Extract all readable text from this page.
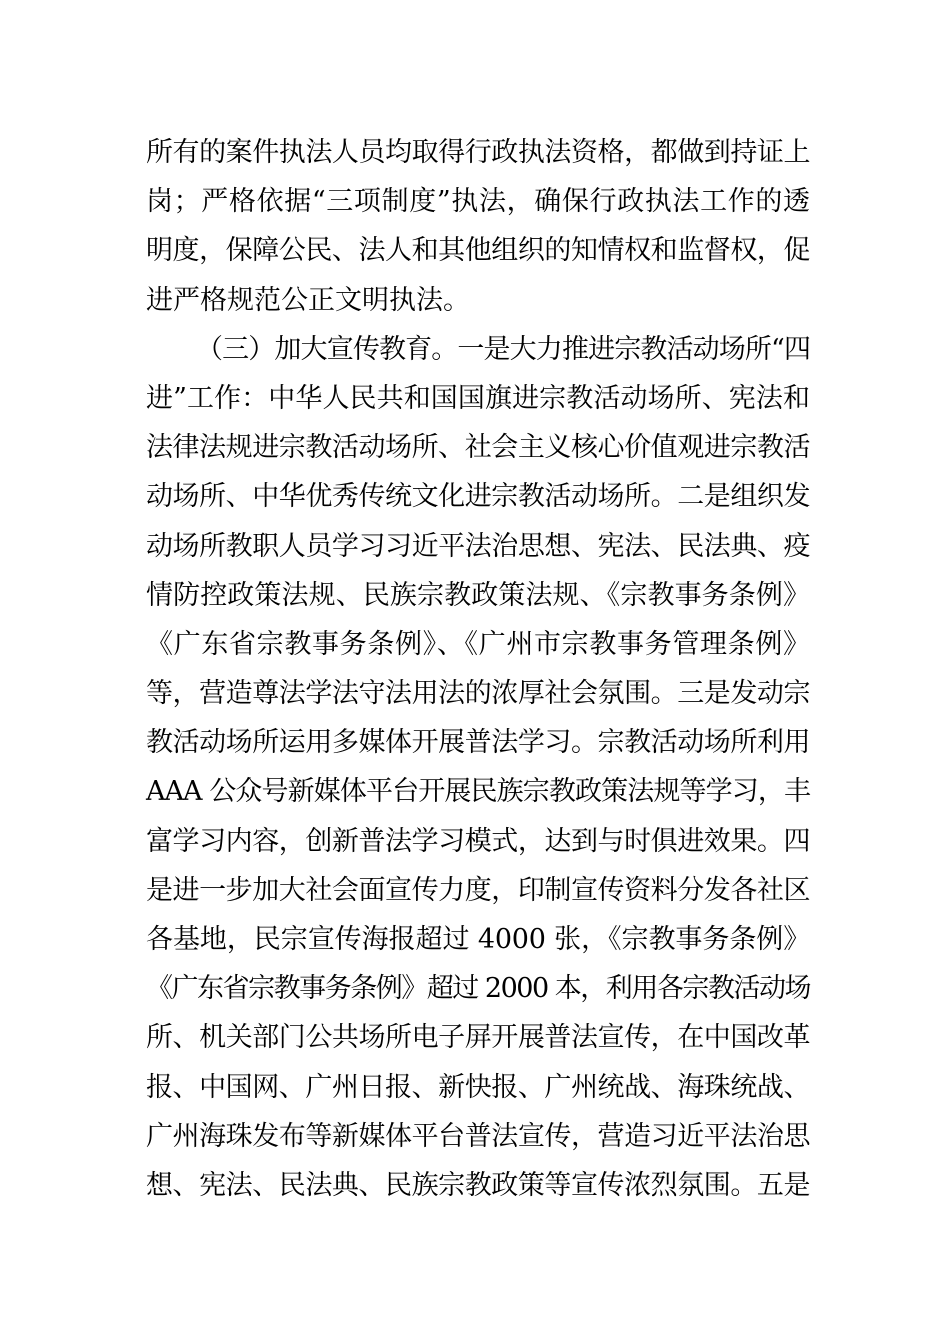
所有的案件执法人员均取得行政执法资格，都做到持证上
岗；严格依据“三项制度”执法，确保行政执法工作的透
明度，保障公民、法人和其他组织的知情权和监督权，促
进严格规范公正文明执法。
（三）加大宣传教育。一是大力推进宗教活动场所“四
进”工作：中华人民共和国国旗进宗教活动场所、宪法和
法律法规进宗教活动场所、社会主义核心价值观进宗教活
动场所、中华优秀传统文化进宗教活动场所。二是组织发
动场所教职人员学习习近平法治思想、宪法、民法典、疫
情防控政策法规、民族宗教政策法规、《宗教事务条例》
《广东省宗教事务条例》、《广州市宗教事务管理条例》
等，营造尊法学法守法用法的浓厚社会氛围。三是发动宗
教活动场所运用多媒体开展普法学习。宗教活动场所利用
AAA 公众号新媒体平台开展民族宗教政策法规等学习，丰
富学习内容，创新普法学习模式，达到与时俱进效果。四
是进一步加大社会面宣传力度，印制宣传资料分发各社区
各基地，民宗宣传海报超过 4000 张，《宗教事务条例》
《广东省宗教事务条例》超过 2000 本，利用各宗教活动场
所、机关部门公共场所电子屏开展普法宣传，在中国改革
报、中国网、广州日报、新快报、广州统战、海珠统战、
广州海珠发布等新媒体平台普法宣传，营造习近平法治思
想、宪法、民法典、民族宗教政策等宣传浓烈氛围。五是
